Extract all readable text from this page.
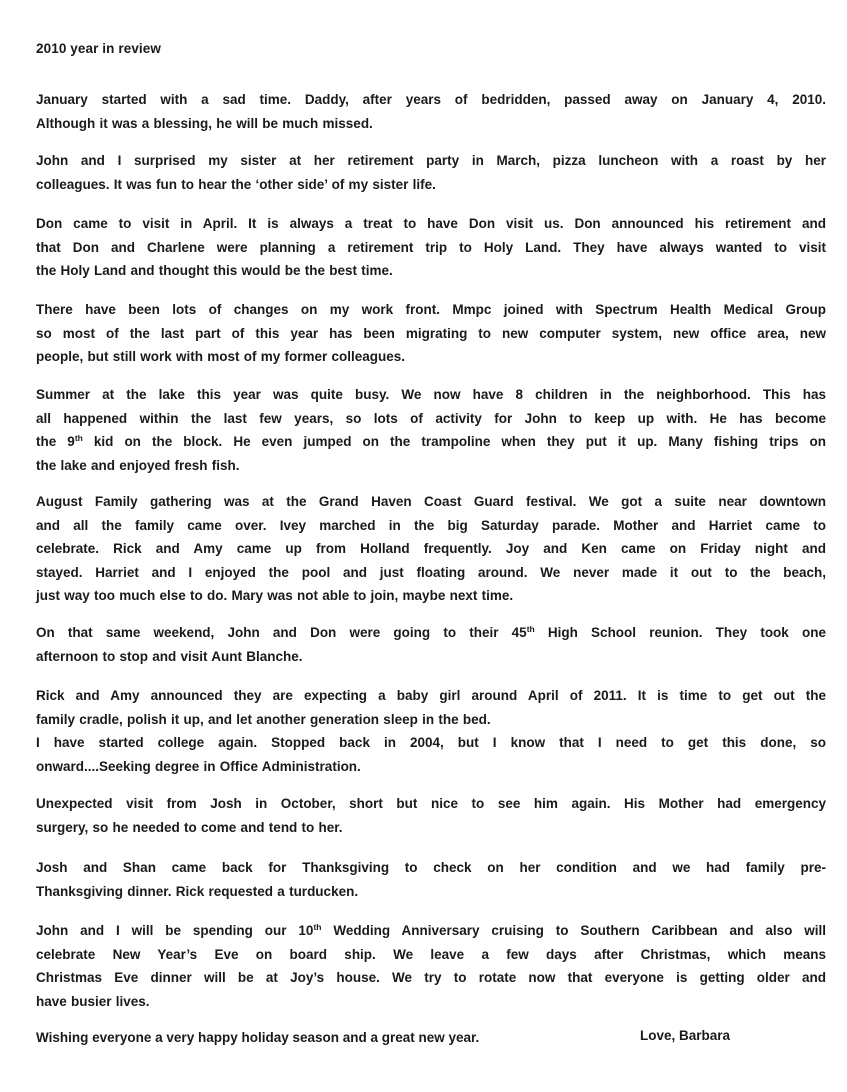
2010 year in review
January started with a sad time. Daddy, after years of bedridden, passed away on January 4, 2010.
Although it was a blessing, he will be much missed.
John and I surprised my sister at her retirement party in March, pizza luncheon with a roast by her
colleagues. It was fun to hear the ‘other side’ of my sister life.
Don came to visit in April. It is always a treat to have Don visit us. Don announced his retirement and
that Don and Charlene were planning a retirement trip to Holy Land. They have always wanted to visit
the Holy Land and thought this would be the best time.
There have been lots of changes on my work front. Mmpc joined with Spectrum Health Medical Group
so most of the last part of this year has been migrating to new computer system, new office area, new
people, but still work with most of my former colleagues.
Summer at the lake this year was quite busy. We now have 8 children in the neighborhood. This has
all happened within the last few years, so lots of activity for John to keep up with. He has become
the 9th kid on the block. He even jumped on the trampoline when they put it up. Many fishing trips on
the lake and enjoyed fresh fish.
August Family gathering was at the Grand Haven Coast Guard festival. We got a suite near downtown
and all the family came over. Ivey marched in the big Saturday parade. Mother and Harriet came to
celebrate. Rick and Amy came up from Holland frequently. Joy and Ken came on Friday night and
stayed. Harriet and I enjoyed the pool and just floating around. We never made it out to the beach,
just way too much else to do. Mary was not able to join, maybe next time.
On that same weekend, John and Don were going to their 45th High School reunion. They took one
afternoon to stop and visit Aunt Blanche.
Rick and Amy announced they are expecting a baby girl around April of 2011. It is time to get out the
family cradle, polish it up, and let another generation sleep in the bed.
I have started college again. Stopped back in 2004, but I know that I need to get this done, so
onward....Seeking degree in Office Administration.
Unexpected visit from Josh in October, short but nice to see him again. His Mother had emergency
surgery, so he needed to come and tend to her.
Josh and Shan came back for Thanksgiving to check on her condition and we had family pre-
Thanksgiving dinner. Rick requested a turducken.
John and I will be spending our 10th Wedding Anniversary cruising to Southern Caribbean and also will
celebrate New Year’s Eve on board ship. We leave a few days after Christmas, which means
Christmas Eve dinner will be at Joy’s house. We try to rotate now that everyone is getting older and
have busier lives.
Wishing everyone a very happy holiday season and a great new year.	Love, Barbara
